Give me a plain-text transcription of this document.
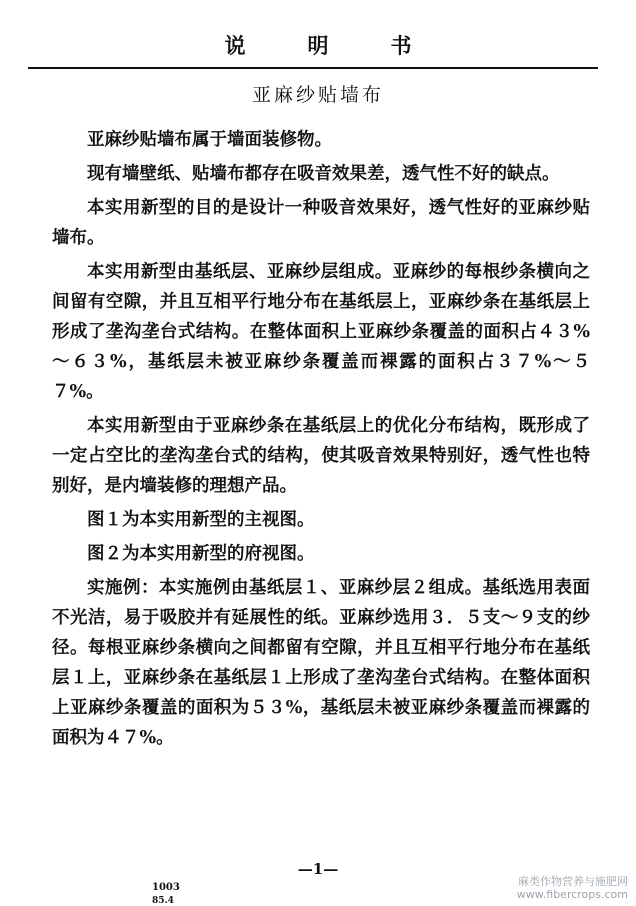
说	明	书
亚麻纱贴墙布

亚麻纱贴墙布属于墙面装修物。

现有墙壁纸、贴墙布都存在吸音效果差，透气性不好的缺点。

本实用新型的目的是设计一种吸音效果好，透气性好的亚麻纱贴墙布。

本实用新型由基纸层、亚麻纱层组成。亚麻纱的每根纱条横向之间留有空隙，并且互相平行地分布在基纸层上，亚麻纱条在基纸层上形成了垄沟垄台式结构。在整体面积上亚麻纱条覆盖的面积占４３%～６３%，基纸层未被亚麻纱条覆盖而裸露的面积占３７%～５７%。

本实用新型由于亚麻纱条在基纸层上的优化分布结构，既形成了一定占空比的垄沟垄台式的结构，使其吸音效果特别好，透气性也特别好，是内墙装修的理想产品。

图１为本实用新型的主视图。

图２为本实用新型的府视图。

实施例：本实施例由基纸层１、亚麻纱层２组成。基纸选用表面不光洁，易于吸胶并有延展性的纸。亚麻纱选用３．５支～９支的纱径。每根亚麻纱条横向之间都留有空隙，并且互相平行地分布在基纸层１上，亚麻纱条在基纸层１上形成了垄沟垄台式结构。在整体面积上亚麻纱条覆盖的面积为５３%，基纸层未被亚麻纱条覆盖而裸露的面积为４７%。

—1—
1003
85.4
麻类作物营养与施肥网
www.fibercrops.com
